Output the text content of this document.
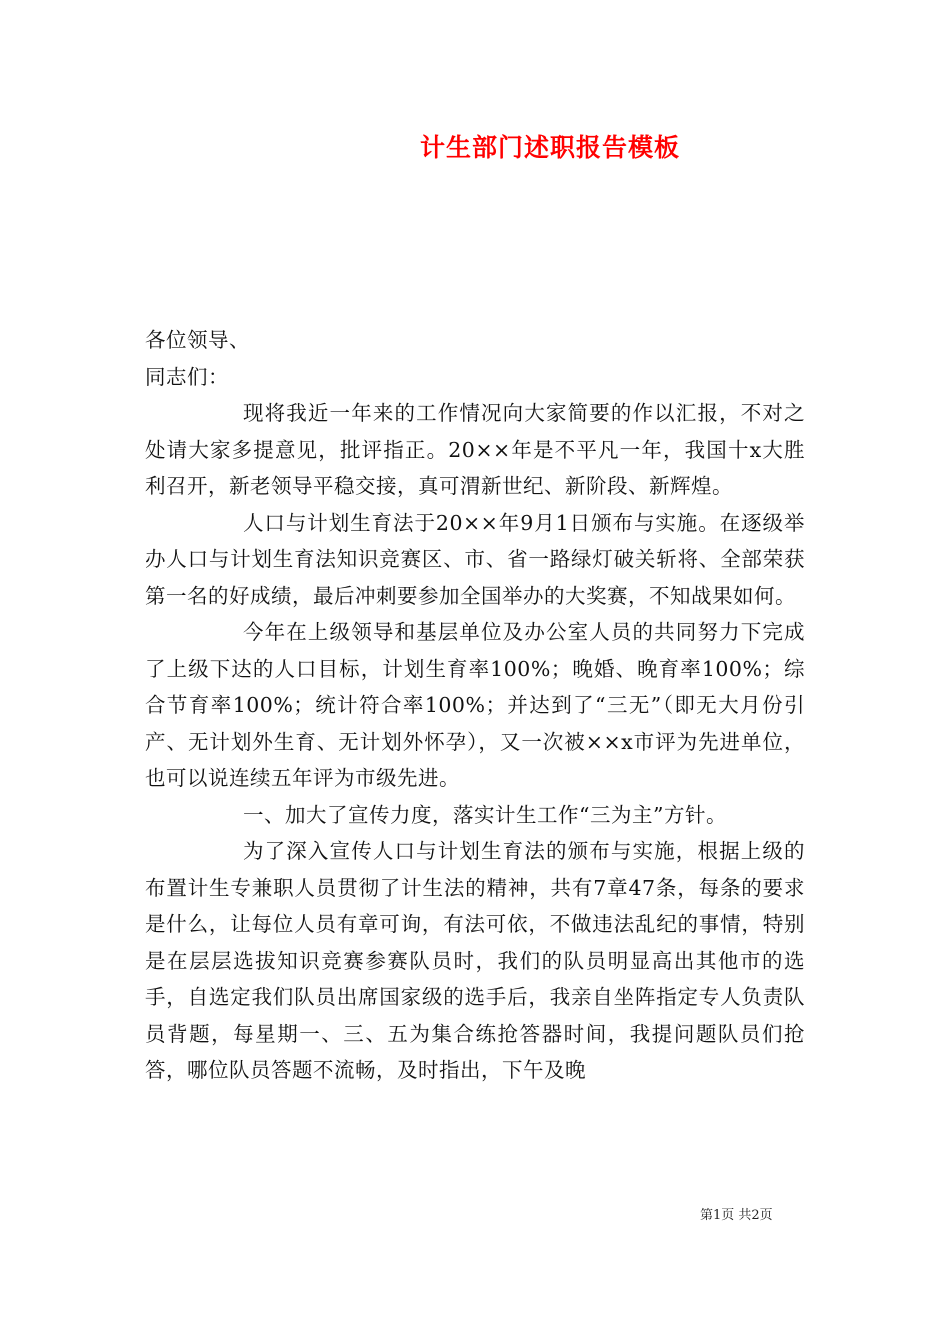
计生部门述职报告模板

各位领导、

同志们：

现将我近一年来的工作情况向大家简要的作以汇报，不对之处请大家多提意见，批评指正。20××年是不平凡一年，我国十x大胜利召开，新老领导平稳交接，真可渭新世纪、新阶段、新辉煌。

人口与计划生育法于20××年9月1日颁布与实施。在逐级举办人口与计划生育法知识竞赛区、市、省一路绿灯破关斩将、全部荣获第一名的好成绩，最后冲刺要参加全国举办的大奖赛，不知战果如何。

今年在上级领导和基层单位及办公室人员的共同努力下完成了上级下达的人口目标，计划生育率100%；晚婚、晚育率100%；综合节育率100%；统计符合率100%；并达到了“三无”（即无大月份引产、无计划外生育、无计划外怀孕），又一次被××x市评为先进单位，也可以说连续五年评为市级先进。

一、加大了宣传力度，落实计生工作“三为主”方针。

为了深入宣传人口与计划生育法的颁布与实施，根据上级的布置计生专兼职人员贯彻了计生法的精神，共有7章47条，每条的要求是什么，让每位人员有章可询，有法可依，不做违法乱纪的事情，特别是在层层选拔知识竞赛参赛队员时，我们的队员明显高出其他市的选手，自选定我们队员出席国家级的选手后，我亲自坐阵指定专人负责队员背题，每星期一、三、五为集合练抢答器时间，我提问题队员们抢答，哪位队员答题不流畅，及时指出，下午及晚

第1页 共2页
